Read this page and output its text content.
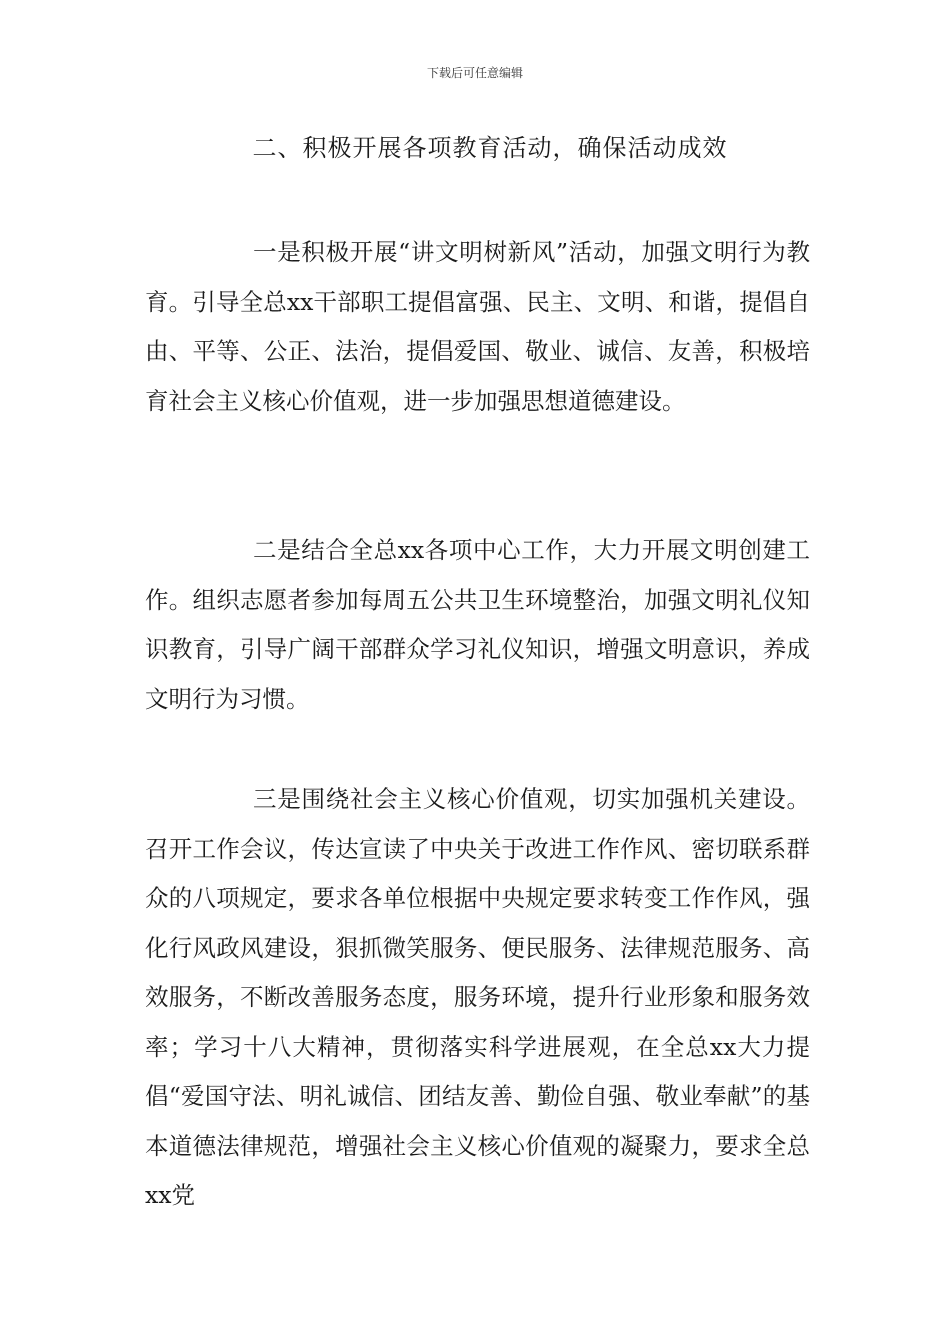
下载后可任意编辑
二、积极开展各项教育活动，确保活动成效

一是积极开展“讲文明树新风”活动，加强文明行为教育。引导全总xx干部职工提倡富强、民主、文明、和谐，提倡自由、平等、公正、法治，提倡爱国、敬业、诚信、友善，积极培育社会主义核心价值观，进一步加强思想道德建设。

二是结合全总xx各项中心工作，大力开展文明创建工作。组织志愿者参加每周五公共卫生环境整治，加强文明礼仪知识教育，引导广阔干部群众学习礼仪知识，增强文明意识，养成文明行为习惯。

三是围绕社会主义核心价值观，切实加强机关建设。召开工作会议，传达宣读了中央关于改进工作作风、密切联系群众的八项规定，要求各单位根据中央规定要求转变工作作风，强化行风政风建设，狠抓微笑服务、便民服务、法律规范服务、高效服务，不断改善服务态度，服务环境，提升行业形象和服务效率；学习十八大精神，贯彻落实科学进展观，在全总xx大力提倡“爱国守法、明礼诚信、团结友善、勤俭自强、敬业奉献”的基本道德法律规范，增强社会主义核心价值观的凝聚力，要求全总xx党
